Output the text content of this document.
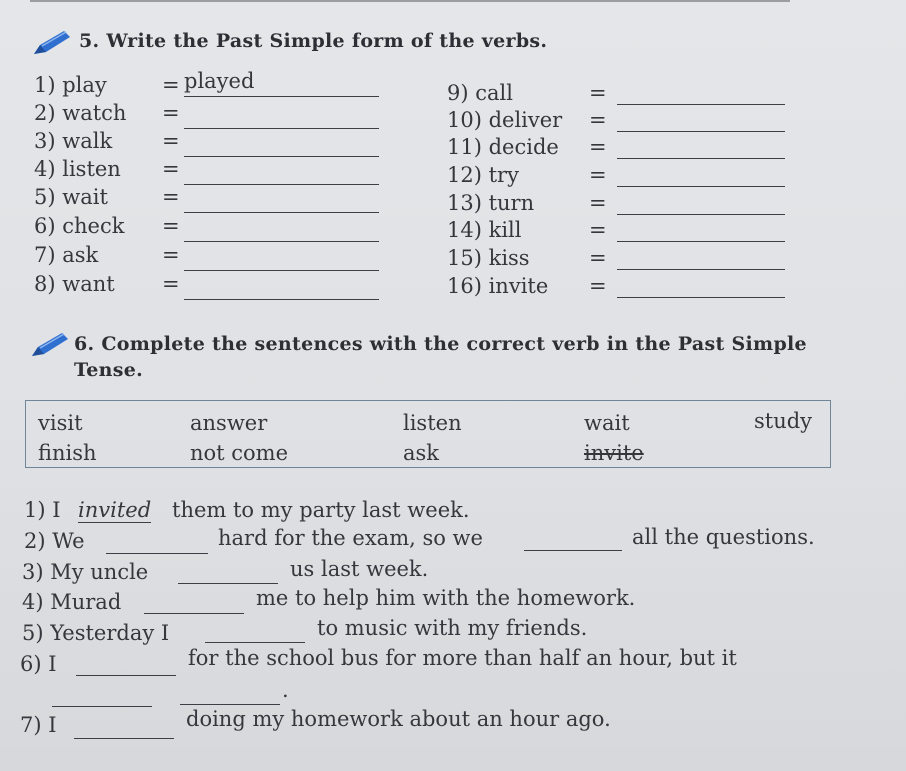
5. Write the Past Simple form of the verbs.
1) play	= played
2) watch =
3) walk =
4) listen =
5) wait	=
6) check =
7) ask	=
8) want =
9) call	=
10) deliver =
11) decide =
12) try	=
13) turn	=
14) kill	=
15) kiss	=
16) invite =
6. Complete the sentences with the correct verb in the Past Simple
Tense.
visit	answer	listen	wait	study
finish	not come	ask	invite
1) I invited them to my party last week.
2) We	hard for the exam, so we	all the questions.
3) My uncle	us last week.
4) Murad	me to help him with the homework.
5) Yesterday I	to music with my friends.
6) I	for the school bus for more than half an hour, but it
.
7) I	doing my homework about an hour ago.
